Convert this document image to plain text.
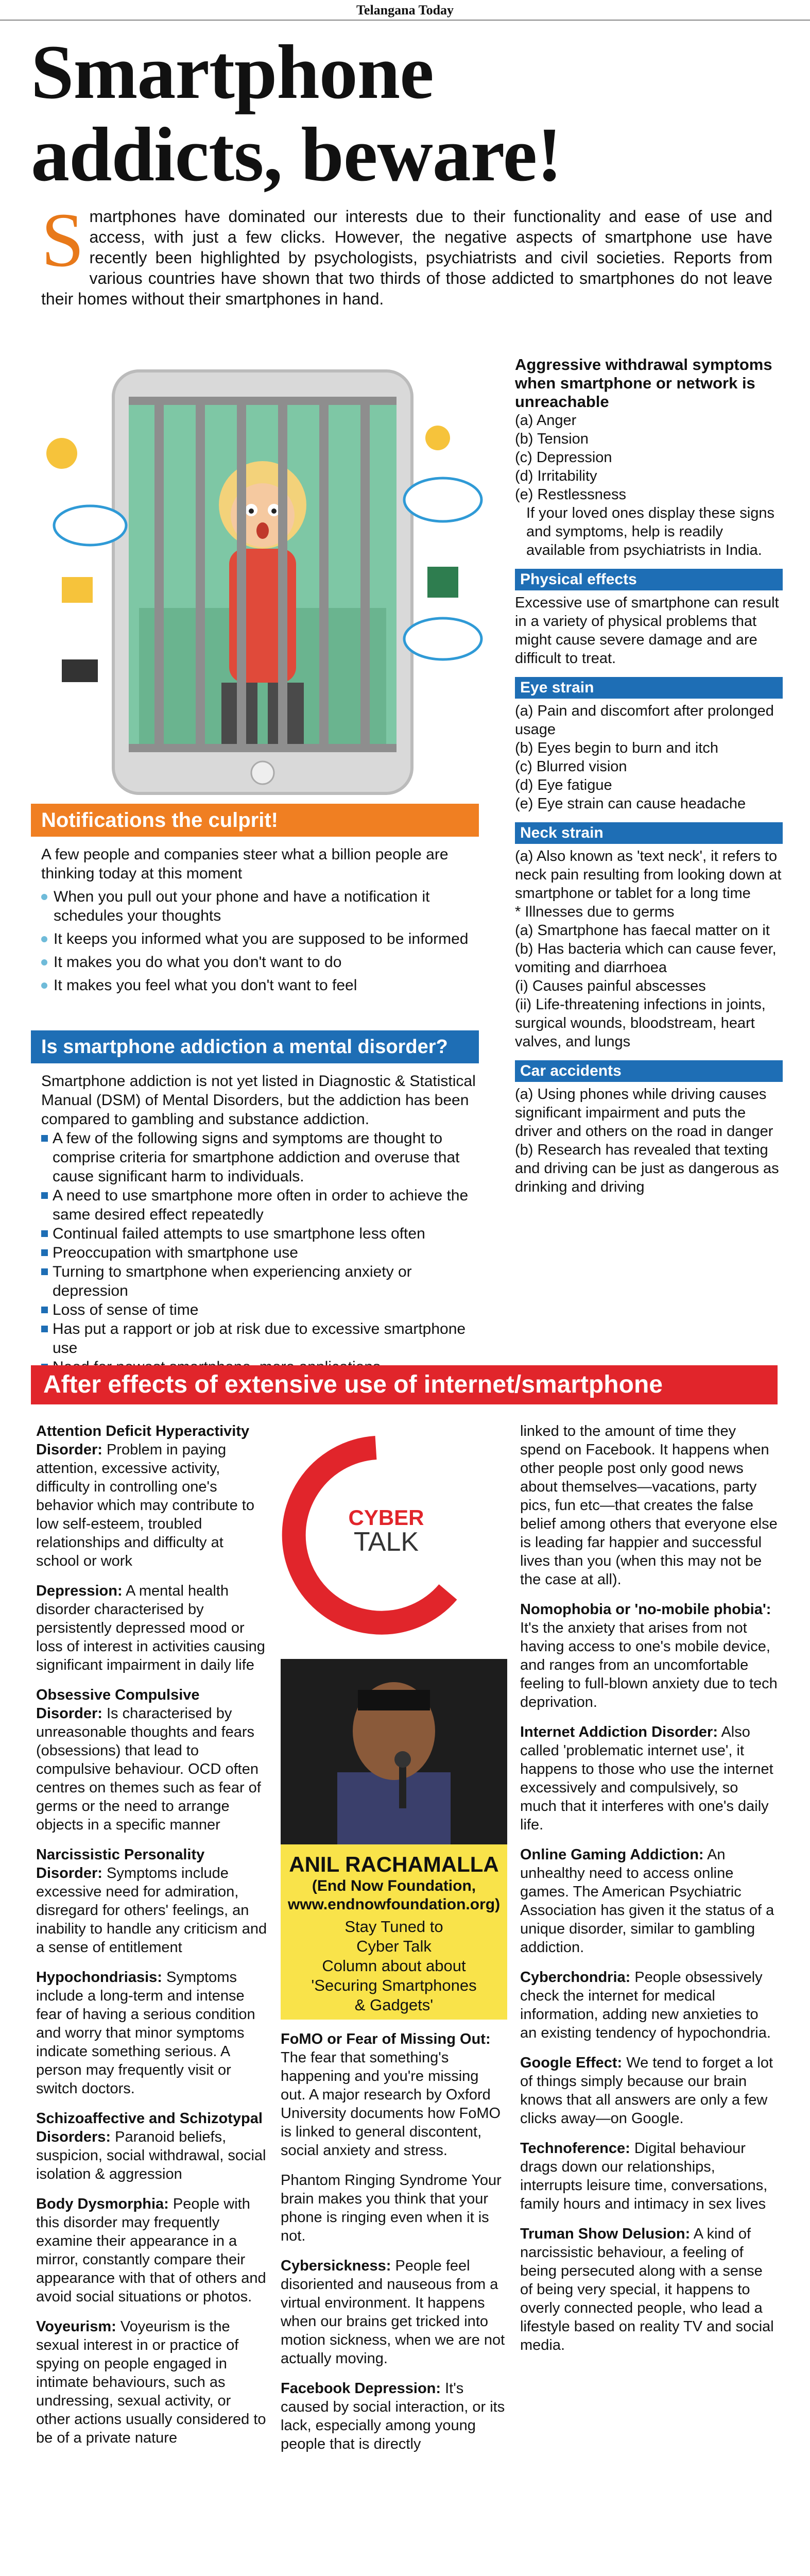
Telangana Today
Smartphone
addicts, beware!
S martphones have dominated our interests due to their functionality and ease of use and access, with just a few clicks. However, the negative aspects of smartphone use have recently been highlighted by psychologists, psychiatrists and civil societies. Reports from various countries have shown that two thirds of those addicted to smartphones do not leave their homes without their smartphones in hand.
Aggressive withdrawal symptoms when smartphone or network is unreachable
(a) Anger
(b) Tension
(c) Depression
(d) Irritability
(e) Restlessness
If your loved ones display these signs and symptoms, help is readily available from psychiatrists in India.
Physical effects
Excessive use of smartphone can result in a variety of physical problems that might cause severe damage and are difficult to treat.
Eye strain
(a) Pain and discomfort after prolonged usage
(b) Eyes begin to burn and itch
(c) Blurred vision
(d) Eye fatigue
(e) Eye strain can cause headache
Neck strain
(a) Also known as 'text neck', it refers to neck pain resulting from looking down at smartphone or tablet for a long time
* Illnesses due to germs
(a) Smartphone has faecal matter on it
(b) Has bacteria which can cause fever, vomiting and diarrhoea
(i) Causes painful abscesses
(ii) Life-threatening infections in joints, surgical wounds, bloodstream, heart valves, and lungs
Car accidents
(a) Using phones while driving causes significant impairment and puts the driver and others on the road in danger
(b) Research has revealed that texting and driving can be just as dangerous as drinking and driving
Notifications the culprit!
A few people and companies steer what a billion people are thinking today at this moment
When you pull out your phone and have a notification it schedules your thoughts
It keeps you informed what you are supposed to be informed
It makes you do what you don't want to do
It makes you feel what you don't want to feel
Is smartphone addiction a mental disorder?
Smartphone addiction is not yet listed in Diagnostic & Statistical Manual (DSM) of Mental Disorders, but the addiction has been compared to gambling and substance addiction.
A few of the following signs and symptoms are thought to comprise criteria for smartphone addiction and overuse that cause significant harm to individuals.
A need to use smartphone more often in order to achieve the same desired effect repeatedly
Continual failed attempts to use smartphone less often
Preoccupation with smartphone use
Turning to smartphone when experiencing anxiety or depression
Loss of sense of time
Has put a rapport or job at risk due to excessive smartphone use
After effects of extensive use of internet/smartphone

Attention Deficit Hyperactivity Disorder: Problem in paying attention, excessive activity, difficulty in controlling one's behavior which may contribute to low self-esteem, troubled relationships and difficulty at school or work

Depression: A mental health disorder characterised by persistently depressed mood or loss of interest in activities causing significant impairment in daily life

Obsessive Compulsive Disorder: Is characterised by unreasonable thoughts and fears (obsessions) that lead to compulsive behaviour. OCD often centres on themes such as fear of germs or the need to arrange objects in a specific manner

Narcissistic Personality Disorder: Symptoms include excessive need for admiration, disregard for others' feelings, an inability to handle any criticism and a sense of entitlement

Hypochondriasis: Symptoms include a long-term and intense fear of having a serious condition and worry that minor symptoms indicate something serious. A person may frequently visit or switch doctors.

Schizoaffective and Schizotypal Disorders: Paranoid beliefs, suspicion, social withdrawal, social isolation & aggression

Body Dysmorphia: People with this disorder may frequently examine their appearance in a mirror, constantly compare their appearance with that of others and avoid social situations or photos.

Voyeurism: Voyeurism is the sexual interest in or practice of spying on people engaged in intimate behaviours, such as undressing, sexual activity, or other actions usually considered to be of a private nature

FoMO or Fear of Missing Out: The fear that something's happening and you're missing out. A major research by Oxford University documents how FoMO is linked to general discontent, social anxiety and stress.

Phantom Ringing Syndrome Your brain makes you think that your phone is ringing even when it is not.

Cybersickness: People feel disoriented and nauseous from a virtual environment. It happens when our brains get tricked into motion sickness, when we are not actually moving.

Facebook Depression: It's caused by social interaction, or its lack, especially among young people that is directly

linked to the amount of time they spend on Facebook. It happens when other people post only good news about themselves—vacations, party pics, fun etc—that creates the false belief among others that everyone else is leading far happier and successful lives than you (when this may not be the case at all).

Nomophobia or 'no-mobile phobia': It's the anxiety that arises from not having access to one's mobile device, and ranges from an uncomfortable feeling to full-blown anxiety due to tech deprivation.

Internet Addiction Disorder: Also called 'problematic internet use', it happens to those who use the internet excessively and compulsively, so much that it interferes with one's daily life.

Online Gaming Addiction: An unhealthy need to access online games. The American Psychiatric Association has given it the status of a unique disorder, similar to gambling addiction.

Cyberchondria: People obsessively check the internet for medical information, adding new anxieties to an existing tendency of hypochondria.

Google Effect: We tend to forget a lot of things simply because our brain knows that all answers are only a few clicks away—on Google.

Technoference: Digital behaviour drags down our relationships, interrupts leisure time, conversations, family hours and intimacy in sex lives

Truman Show Delusion: A kind of narcissistic behaviour, a feeling of being persecuted along with a sense of being very special, it happens to overly connected people, who lead a lifestyle based on reality TV and social media.

CYBER
TALK
ANIL RACHAMALLA
(End Now Foundation,
www.endnowfoundation.org)
Stay Tuned to
Cyber Talk
Column about about
'Securing Smartphones
& Gadgets'
